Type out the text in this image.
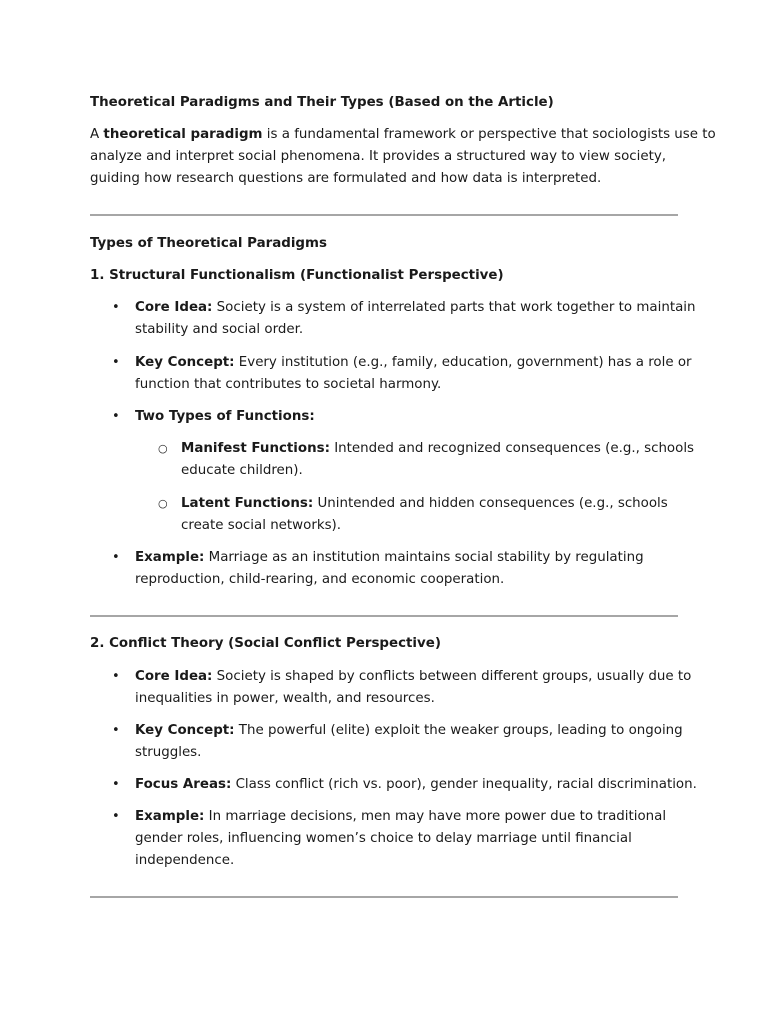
Theoretical Paradigms and Their Types (Based on the Article)
A theoretical paradigm is a fundamental framework or perspective that sociologists use to
analyze and interpret social phenomena. It provides a structured way to view society,
guiding how research questions are formulated and how data is interpreted.
Types of Theoretical Paradigms
1. Structural Functionalism (Functionalist Perspective)
• Core Idea: Society is a system of interrelated parts that work together to maintain
stability and social order.
• Key Concept: Every institution (e.g., family, education, government) has a role or
function that contributes to societal harmony.
• Two Types of Functions:
○ Manifest Functions: Intended and recognized consequences (e.g., schools
educate children).
○ Latent Functions: Unintended and hidden consequences (e.g., schools
create social networks).
• Example: Marriage as an institution maintains social stability by regulating
reproduction, child-rearing, and economic cooperation.
2. Conflict Theory (Social Conflict Perspective)
• Core Idea: Society is shaped by conflicts between different groups, usually due to
inequalities in power, wealth, and resources.
• Key Concept: The powerful (elite) exploit the weaker groups, leading to ongoing
struggles.
• Focus Areas: Class conflict (rich vs. poor), gender inequality, racial discrimination.
• Example: In marriage decisions, men may have more power due to traditional
gender roles, influencing women’s choice to delay marriage until financial
independence.
